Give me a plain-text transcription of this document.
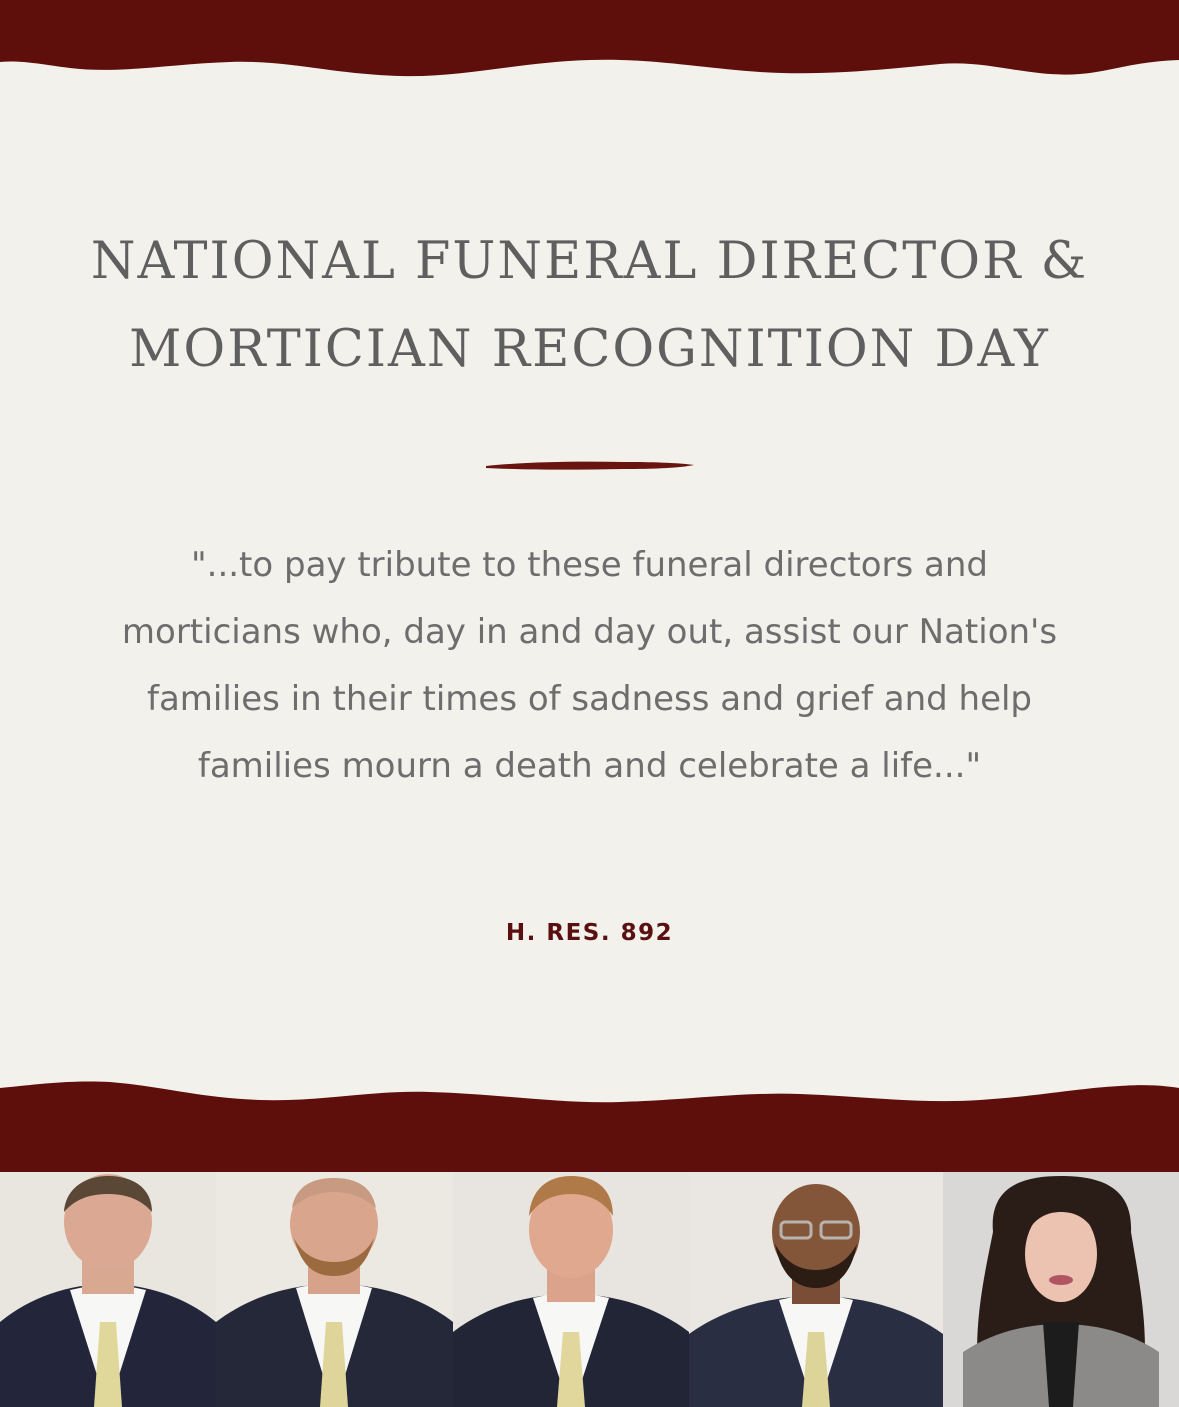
NATIONAL FUNERAL DIRECTOR &
MORTICIAN RECOGNITION DAY

"...to pay tribute to these funeral directors and morticians who, day in and day out, assist our Nation's families in their times of sadness and grief and help families mourn a death and celebrate a life..."

H. RES. 892
